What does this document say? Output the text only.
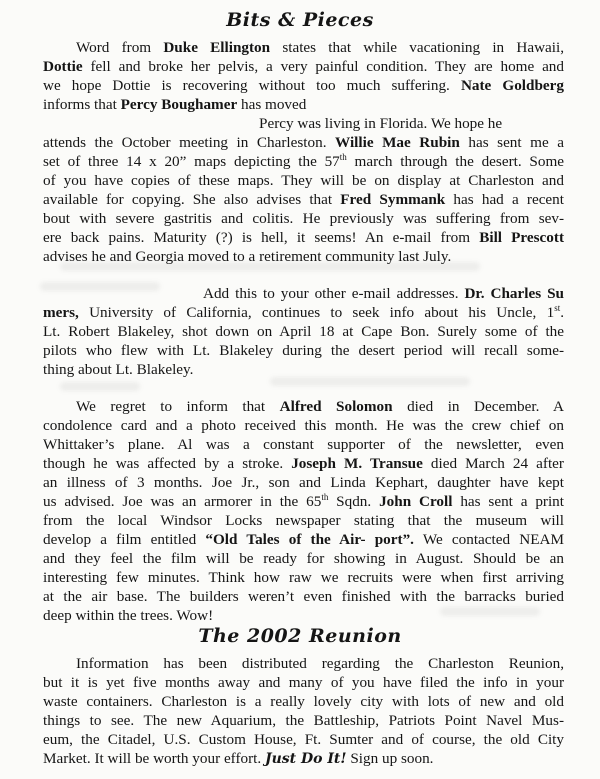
Bits & Pieces

Word from Duke Ellington states that while vacationing in Hawaii,

Dottie fell and broke her pelvis, a very painful condition. They are home and

we hope Dottie is recovering without too much suffering. Nate Goldberg

informs that Percy Boughamer has moved

Percy was living in Florida. We hope he

attends the October meeting in Charleston. Willie Mae Rubin has sent me a

set of three 14 x 20” maps depicting the 57th march through the desert. Some

of you have copies of these maps. They will be on display at Charleston and

available for copying. She also advises that Fred Symmank has had a recent

bout with severe gastritis and colitis. He previously was suffering from sev-

ere back pains. Maturity (?) is hell, it seems! An e-mail from Bill Prescott

advises he and Georgia moved to a retirement community last July.

Add this to your other e-mail addresses. Dr. Charles Su

mers, University of California, continues to seek info about his Uncle, 1st.

Lt. Robert Blakeley, shot down on April 18 at Cape Bon. Surely some of the

pilots who flew with Lt. Blakeley during the desert period will recall some-

thing about Lt. Blakeley.

We regret to inform that Alfred Solomon died in December. A

condolence card and a photo received this month. He was the crew chief on

Whittaker’s plane. Al was a constant supporter of the newsletter, even

though he was affected by a stroke. Joseph M. Transue died March 24 after

an illness of 3 months. Joe Jr., son and Linda Kephart, daughter have kept

us advised. Joe was an armorer in the 65th Sqdn. John Croll has sent a print

from the local Windsor Locks newspaper stating that the museum will

develop a film entitled “Old Tales of the Air- port”. We contacted NEAM

and they feel the film will be ready for showing in August. Should be an

interesting few minutes. Think how raw we recruits were when first arriving

at the air base. The builders weren’t even finished with the barracks buried

deep within the trees. Wow!

The 2002 Reunion

Information has been distributed regarding the Charleston Reunion,

but it is yet five months away and many of you have filed the info in your

waste containers. Charleston is a really lovely city with lots of new and old

things to see. The new Aquarium, the Battleship, Patriots Point Navel Mus-

eum, the Citadel, U.S. Custom House, Ft. Sumter and of course, the old City

Market. It will be worth your effort. Just Do It! Sign up soon.
